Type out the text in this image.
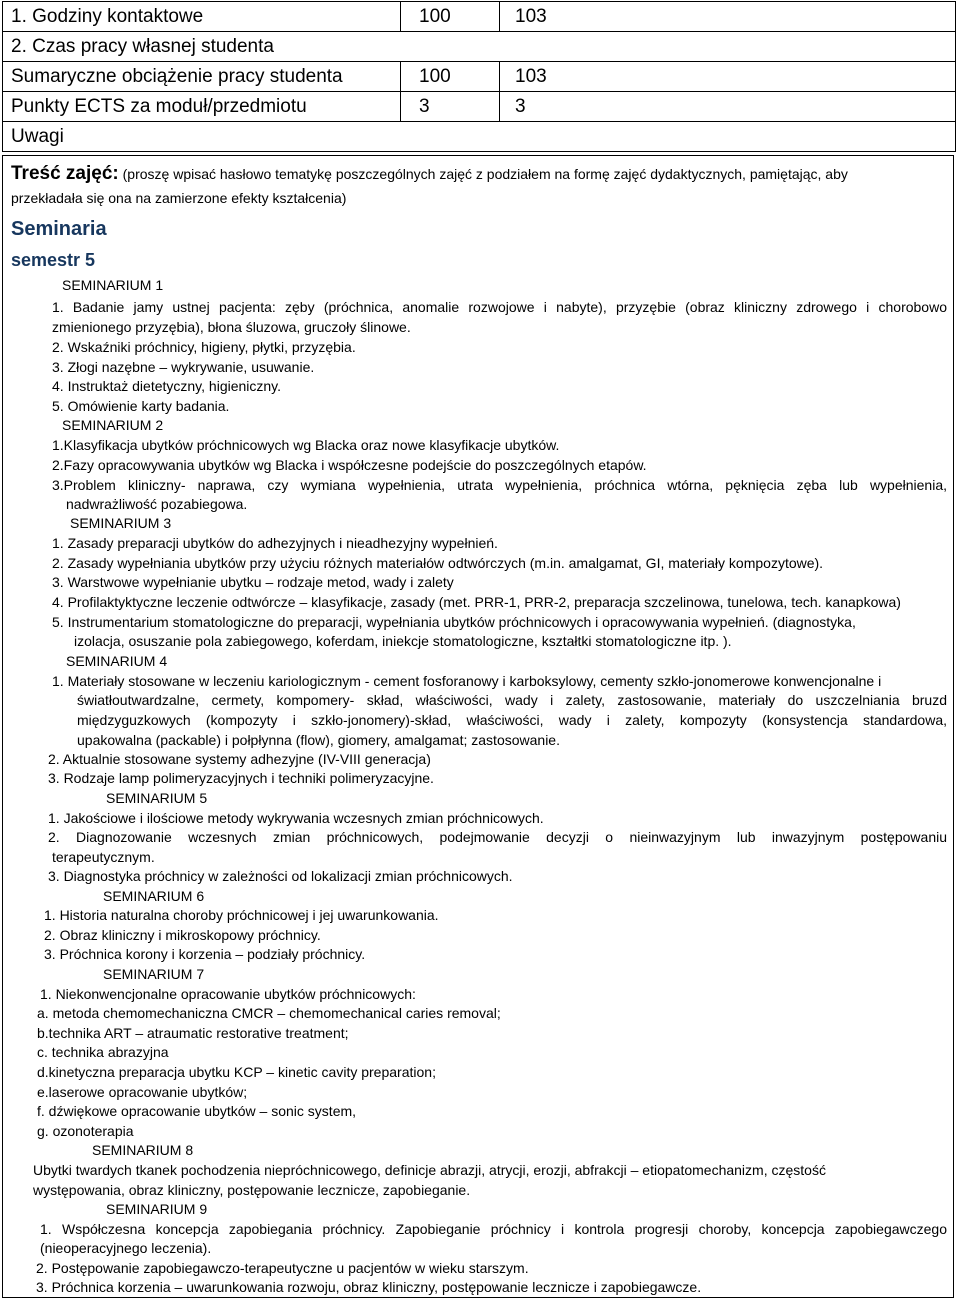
1. Godziny kontaktowe	100	103
2. Czas pracy własnej studenta		
Sumaryczne obciążenie pracy studenta	100	103
Punkty ECTS za moduł/przedmiotu	3	3
Uwagi		
Treść zajęć: (proszę wpisać hasłowo tematykę poszczególnych zajęć z podziałem na formę zajęć dydaktycznych, pamiętając, aby
przekładała się ona na zamierzone efekty kształcenia)
Seminaria
semestr 5
SEMINARIUM 1
1. Badanie jamy ustnej pacjenta: zęby (próchnica, anomalie rozwojowe i nabyte), przyzębie (obraz kliniczny zdrowego i chorobowo
zmienionego przyzębia), błona śluzowa, gruczoły ślinowe.
2. Wskaźniki próchnicy, higieny, płytki, przyzębia.
3. Złogi nazębne – wykrywanie, usuwanie.
4. Instruktaż dietetyczny, higieniczny.
5. Omówienie karty badania.
SEMINARIUM 2
1.Klasyfikacja ubytków próchnicowych wg Blacka oraz nowe klasyfikacje ubytków.
2.Fazy opracowywania ubytków wg Blacka i współczesne podejście do poszczególnych etapów.
3.Problem kliniczny- naprawa, czy wymiana wypełnienia, utrata wypełnienia, próchnica wtórna, pęknięcia zęba lub wypełnienia,
nadwrażliwość pozabiegowa.
SEMINARIUM 3
1. Zasady preparacji ubytków do adhezyjnych i nieadhezyjny wypełnień.
2. Zasady wypełniania ubytków przy użyciu różnych materiałów odtwórczych (m.in. amalgamat, GI, materiały kompozytowe).
3. Warstwowe wypełnianie ubytku – rodzaje metod, wady i zalety
4. Profilaktyktyczne leczenie odtwórcze – klasyfikacje, zasady (met. PRR-1, PRR-2, preparacja szczelinowa, tunelowa, tech. kanapkowa)
5. Instrumentarium stomatologiczne do preparacji, wypełniania ubytków próchnicowych i opracowywania wypełnień. (diagnostyka,
izolacja, osuszanie pola zabiegowego, koferdam, iniekcje stomatologiczne, kształtki stomatologiczne itp. ).
SEMINARIUM 4
1. Materiały stosowane w leczeniu kariologicznym - cement fosforanowy i karboksylowy, cementy szkło-jonomerowe konwencjonalne i
światłoutwardzalne, cermety, kompomery- skład, właściwości, wady i zalety, zastosowanie, materiały do uszczelniania bruzd
międzyguzkowych (kompozyty i szkło-jonomery)-skład, właściwości, wady i zalety, kompozyty (konsystencja standardowa,
upakowalna (packable) i połpłynna (flow), giomery, amalgamat; zastosowanie.
2. Aktualnie stosowane systemy adhezyjne (IV-VIII generacja)
3. Rodzaje lamp polimeryzacyjnych i techniki polimeryzacyjne.
SEMINARIUM 5
1. Jakościowe i ilościowe metody wykrywania wczesnych zmian próchnicowych.
2. Diagnozowanie wczesnych zmian próchnicowych, podejmowanie decyzji o nieinwazyjnym lub inwazyjnym postępowaniu
terapeutycznym.
3. Diagnostyka próchnicy w zależności od lokalizacji zmian próchnicowych.
SEMINARIUM 6
1. Historia naturalna choroby próchnicowej i jej uwarunkowania.
2. Obraz kliniczny i mikroskopowy próchnicy.
3. Próchnica korony i korzenia – podziały próchnicy.
SEMINARIUM 7
1. Niekonwencjonalne opracowanie ubytków próchnicowych:
a. metoda chemomechaniczna CMCR – chemomechanical caries removal;
b.technika ART – atraumatic restorative treatment;
c. technika abrazyjna
d.kinetyczna preparacja ubytku KCP – kinetic cavity preparation;
e.laserowe opracowanie ubytków;
f. dźwiękowe opracowanie ubytków – sonic system,
g. ozonoterapia
SEMINARIUM 8
Ubytki twardych tkanek pochodzenia niepróchnicowego, definicje abrazji, atrycji, erozji, abfrakcji – etiopatomechanizm, częstość
występowania, obraz kliniczny, postępowanie lecznicze, zapobieganie.
SEMINARIUM 9
1. Współczesna koncepcja zapobiegania próchnicy. Zapobieganie próchnicy i kontrola progresji choroby, koncepcja zapobiegawczego
(nieoperacyjnego leczenia).
2. Postępowanie zapobiegawczo-terapeutyczne u pacjentów w wieku starszym.
3. Próchnica korzenia – uwarunkowania rozwoju, obraz kliniczny, postępowanie lecznicze i zapobiegawcze.
